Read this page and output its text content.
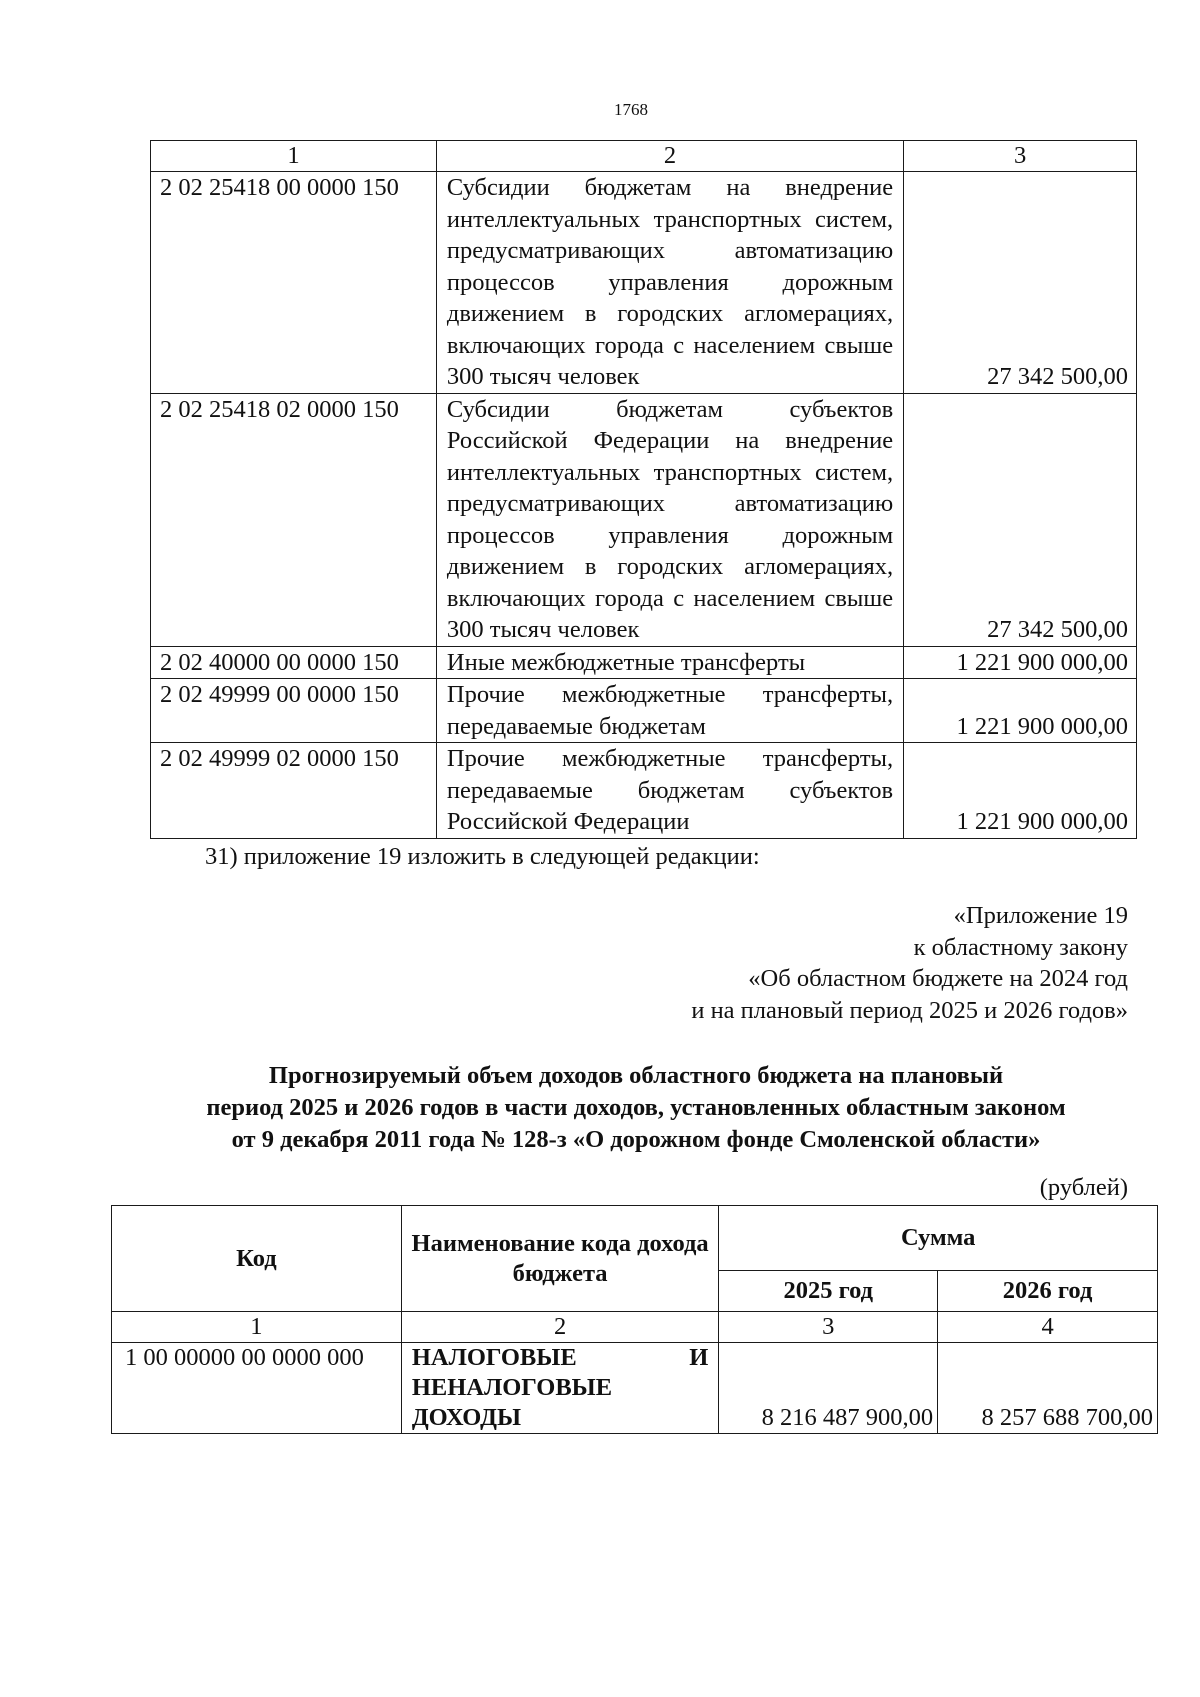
1768
1	2	3
2 02 25418 00 0000 150	Субсидии бюджетам на внедрение интеллектуальных транспортных систем, предусматривающих автоматизацию процессов управления дорожным движением в городских агломерациях, включающих города с населением свыше 300 тысяч человек	27 342 500,00
2 02 25418 02 0000 150	Субсидии бюджетам субъектов Российской Федерации на внедрение интеллектуальных транспортных систем, предусматривающих автоматизацию процессов управления дорожным движением в городских агломерациях, включающих города с населением свыше 300 тысяч человек	27 342 500,00
2 02 40000 00 0000 150	Иные межбюджетные трансферты	1 221 900 000,00
2 02 49999 00 0000 150	Прочие межбюджетные трансферты, передаваемые бюджетам	1 221 900 000,00
2 02 49999 02 0000 150	Прочие межбюджетные трансферты, передаваемые бюджетам субъектов Российской Федерации	1 221 900 000,00
31) приложение 19 изложить в следующей редакции:
«Приложение 19
к областному закону
«Об областном бюджете на 2024 год
и на плановый период 2025 и 2026 годов»
Прогнозируемый объем доходов областного бюджета на плановый
период 2025 и 2026 годов в части доходов, установленных областным законом
от 9 декабря 2011 года № 128-з «О дорожном фонде Смоленской области»
(рублей)
Код	Наименование кода дохода бюджета	Сумма	
		2025 год	2026 год
1	2	3	4
1 00 00000 00 0000 000	НАЛОГОВЫЕ И НЕНАЛОГОВЫЕ ДОХОДЫ	8 216 487 900,00	8 257 688 700,00
